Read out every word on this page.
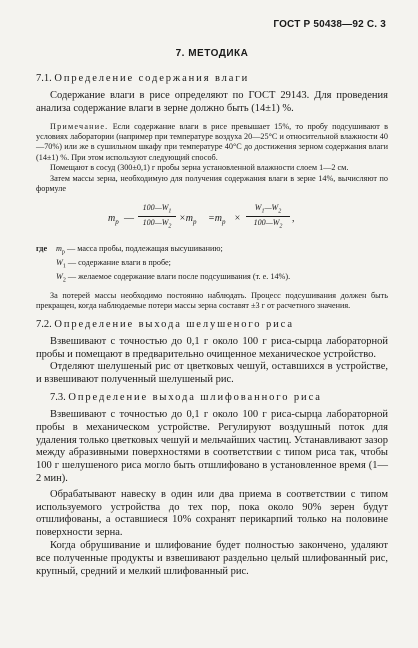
ГОСТ Р 50438—92 С. 3
7. МЕТОДИКА
7.1. Определение содержания влаги

Содержание влаги в рисе определяют по ГОСТ 29143. Для проведения анализа содержание влаги в зерне должно быть (14±1) %.

Примечание. Если содержание влаги в рисе превышает 15%, то пробу подсушивают в условиях лаборатории (например при температуре воздуха 20—25°С и относительной влажности 40—70%) или же в сушильном шкафу при температуре 40°С до достижения зерном содержания влаги (14±1) %. При этом используют следующий способ.

Помещают в сосуд (300±0,1) г пробы зерна установленной влажности слоем 1—2 см.

Затем массы зерна, необходимую для получения содержания влаги в зерне 14%, вычисляют по формуле

$m_p$ — $\frac{100—W_1}{100—W_2} \times m_p =m_p \times \frac{W_1—W_2}{100—W_2}$ ,
где	$m_p$ — масса пробы, подлежащая высушиванию;
$W_1$ — содержание влаги в пробе;
$W_2$ — желаемое содержание влаги после подсушивания (т. е. 14%).

За потерей массы необходимо постоянно наблюдать. Процесс подсушивания должен быть прекращен, когда наблюдаемые потери массы зерна составят ±3 г от расчетного значения.

7.2. Определение выхода шелушеного риса

Взвешивают с точностью до 0,1 г около 100 г риса-сырца лабораторной пробы и помещают в предварительно очищенное механическое устройство.

Отделяют шелушеный рис от цветковых чешуй, оставшихся в устройстве, и взвешивают полученный шелушеный рис.

7.3. Определение выхода шлифованного риса

Взвешивают с точностью до 0,1 г около 100 г риса-сырца лабораторной пробы в механическом устройстве. Регулируют воздушный поток для удаления только цветковых чешуй и мельчайших частиц. Устанавливают зазор между абразивными поверхностями в соответствии с типом риса так, чтобы 100 г шелушеного риса могло быть отшлифовано в установленное время (1—2 мин).

Обрабатывают навеску в один или два приема в соответствии с типом используемого устройства до тех пор, пока около 90% зерен будут отшлифованы, а оставшиеся 10% сохранят перикарпий только на половине поверхности зерна.

Когда обрушивание и шлифование будет полностью закончено, удаляют все полученные продукты и взвешивают раздельно целый шлифованный рис, крупный, средний и мелкий шлифованный рис.
